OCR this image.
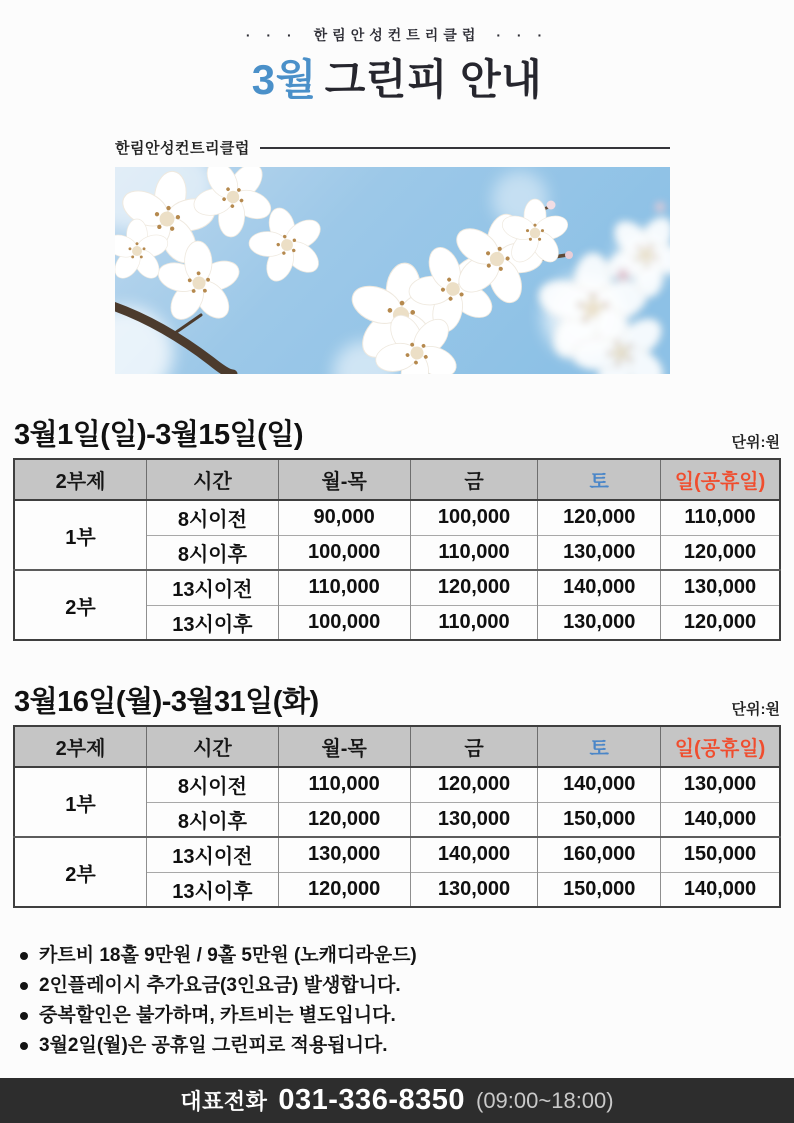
· · · 한림안성컨트리클럽 · · ·
3월 그린피 안내
한림안성컨트리클럽
3월1일(일)-3월15일(일)	단위:원
2부제	시간	월-목	금	토	일(공휴일)
1부	8시이전	90,000	100,000	120,000	110,000
	8시이후	100,000	110,000	130,000	120,000
2부	13시이전	110,000	120,000	140,000	130,000
	13시이후	100,000	110,000	130,000	120,000
3월16일(월)-3월31일(화)	단위:원
2부제	시간	월-목	금	토	일(공휴일)
1부	8시이전	110,000	120,000	140,000	130,000
	8시이후	120,000	130,000	150,000	140,000
2부	13시이전	130,000	140,000	160,000	150,000
	13시이후	120,000	130,000	150,000	140,000
카트비 18홀 9만원 / 9홀 5만원 (노캐디라운드)
2인플레이시 추가요금(3인요금) 발생합니다.
중복할인은 불가하며, 카트비는 별도입니다.
3월2일(월)은 공휴일 그린피로 적용됩니다.
대표전화 031-336-8350 (09:00~18:00)
